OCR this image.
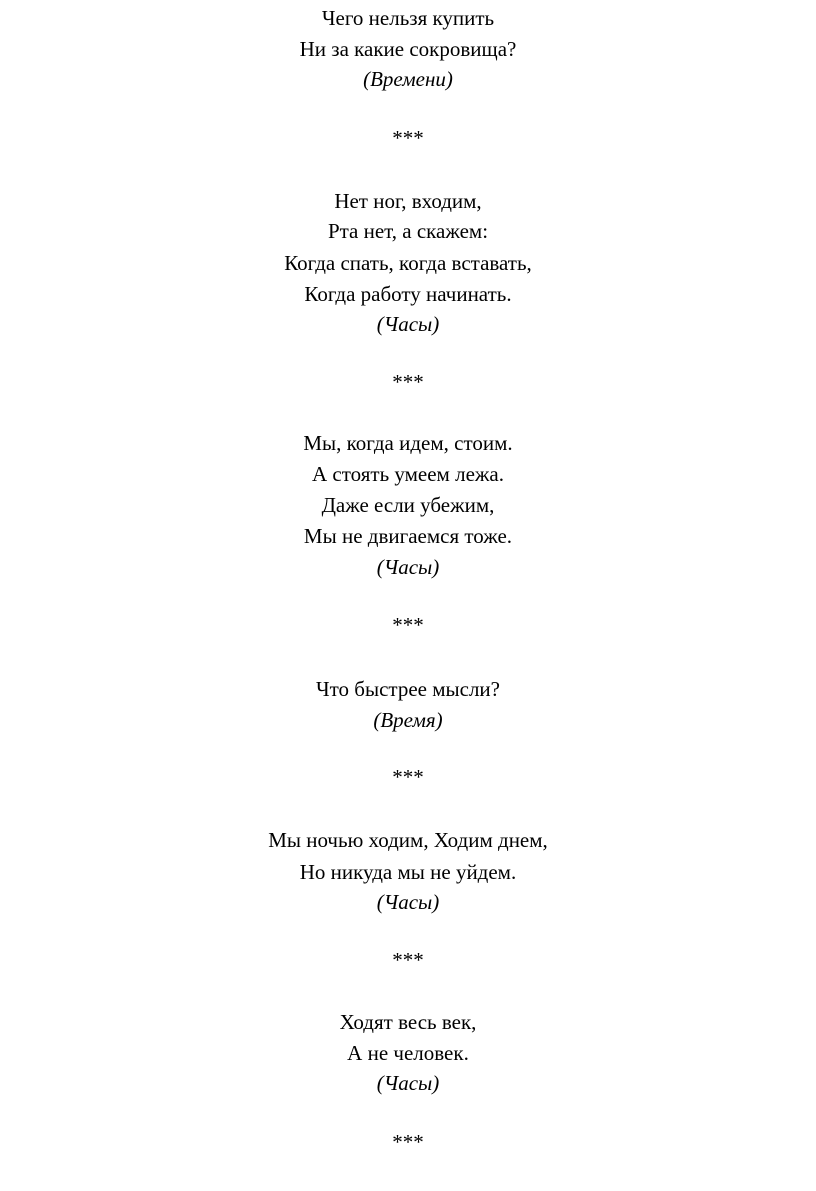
Чего нельзя купить
Ни за какие сокровища?
(Времени)
***
Нет ног, входим,
Рта нет, а скажем:
Когда спать, когда вставать,
Когда работу начинать.
(Часы)
***
Мы, когда идем, стоим.
А стоять умеем лежа.
Даже если убежим,
Мы не двигаемся тоже.
(Часы)
***
Что быстрее мысли?
(Время)
***
Мы ночью ходим, Ходим днем,
Но никуда мы не уйдем.
(Часы)
***
Ходят весь век,
А не человек.
(Часы)
***
